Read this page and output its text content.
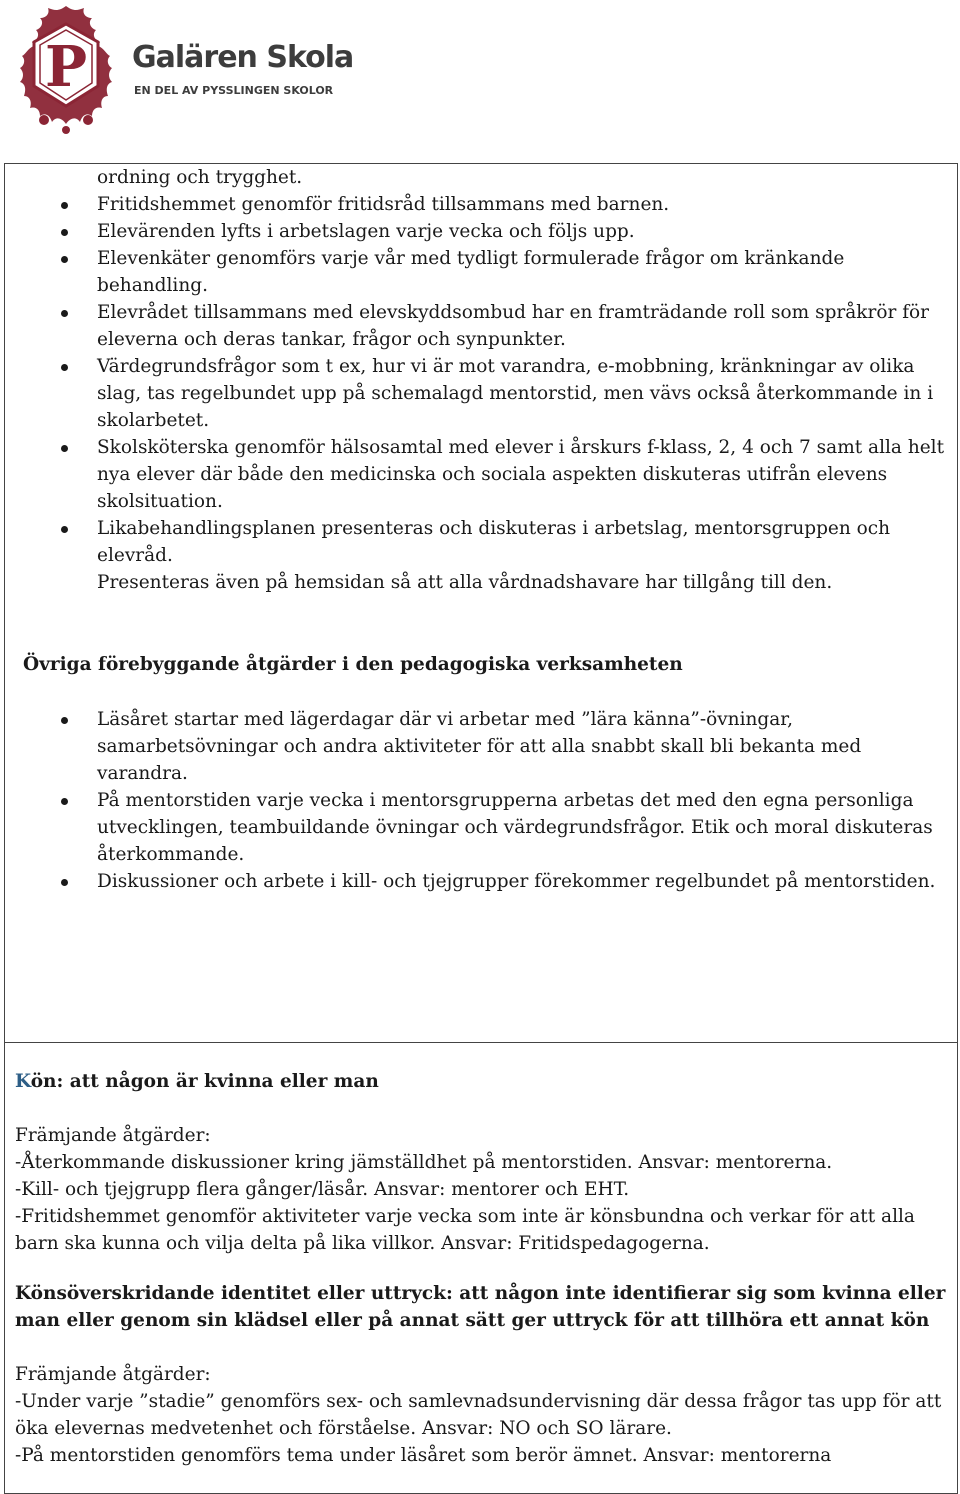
P Galären Skola
EN DEL AV PYSSLINGEN SKOLOR
ordning och trygghet.
Fritidshemmet genomför fritidsråd tillsammans med barnen.
Elevärenden lyfts i arbetslagen varje vecka och följs upp.
Elevenkäter genomförs varje vår med tydligt formulerade frågor om kränkande behandling.
Elevrådet tillsammans med elevskyddsombud har en framträdande roll som språkrör för eleverna och deras tankar, frågor och synpunkter.
Värdegrundsfrågor som t ex, hur vi är mot varandra, e-mobbning, kränkningar av olika slag, tas regelbundet upp på schemalagd mentorstid, men vävs också återkommande in i skolarbetet.
Skolsköterska genomför hälsosamtal med elever i årskurs f-klass, 2, 4 och 7 samt alla helt nya elever där både den medicinska och sociala aspekten diskuteras utifrån elevens skolsituation.
Likabehandlingsplanen presenteras och diskuteras i arbetslag, mentorsgruppen och elevråd.
Presenteras även på hemsidan så att alla vårdnadshavare har tillgång till den.
Övriga förebyggande åtgärder i den pedagogiska verksamheten
Läsåret startar med lägerdagar där vi arbetar med ”lära känna”-övningar, samarbetsövningar och andra aktiviteter för att alla snabbt skall bli bekanta med varandra.
På mentorstiden varje vecka i mentorsgrupperna arbetas det med den egna personliga utvecklingen, teambuildande övningar och värdegrundsfrågor. Etik och moral diskuteras återkommande.
Diskussioner och arbete i kill- och tjejgrupper förekommer regelbundet på mentorstiden.
Kön: att någon är kvinna eller man
Främjande åtgärder:
-Återkommande diskussioner kring jämställdhet på mentorstiden. Ansvar: mentorerna.
-Kill- och tjejgrupp flera gånger/läsår. Ansvar: mentorer och EHT.
-Fritidshemmet genomför aktiviteter varje vecka som inte är könsbundna och verkar för att alla barn ska kunna och vilja delta på lika villkor. Ansvar: Fritidspedagogerna.
Könsöverskridande identitet eller uttryck: att någon inte identifierar sig som kvinna eller man eller genom sin klädsel eller på annat sätt ger uttryck för att tillhöra ett annat kön
Främjande åtgärder:
-Under varje ”stadie” genomförs sex- och samlevnadsundervisning där dessa frågor tas upp för att öka elevernas medvetenhet och förståelse. Ansvar: NO och SO lärare.
-På mentorstiden genomförs tema under läsåret som berör ämnet. Ansvar: mentorerna
